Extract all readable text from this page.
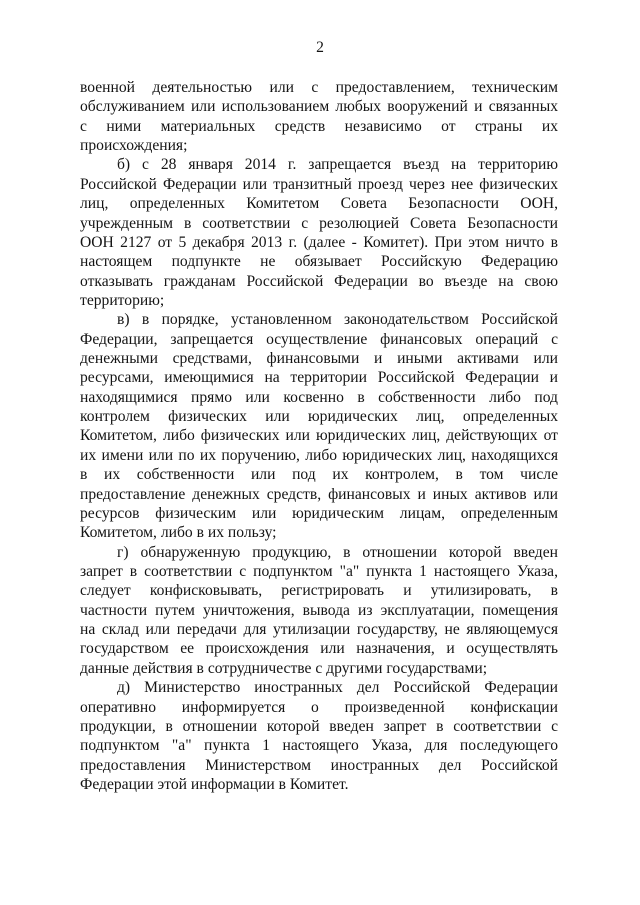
2
военной деятельностью или с предоставлением, техническим
обслуживанием или использованием любых вооружений и связанных
с ними материальных средств независимо от страны их
происхождения;
б) с 28 января 2014 г. запрещается въезд на территорию
Российской Федерации или транзитный проезд через нее физических
лиц, определенных Комитетом Совета Безопасности ООН,
учрежденным в соответствии с резолюцией Совета Безопасности
ООН 2127 от 5 декабря 2013 г. (далее - Комитет). При этом ничто в
настоящем подпункте не обязывает Российскую Федерацию
отказывать гражданам Российской Федерации во въезде на свою
территорию;
в) в порядке, установленном законодательством Российской
Федерации, запрещается осуществление финансовых операций с
денежными средствами, финансовыми и иными активами или
ресурсами, имеющимися на территории Российской Федерации и
находящимися прямо или косвенно в собственности либо под
контролем физических или юридических лиц, определенных
Комитетом, либо физических или юридических лиц, действующих от
их имени или по их поручению, либо юридических лиц, находящихся
в их собственности или под их контролем, в том числе
предоставление денежных средств, финансовых и иных активов или
ресурсов физическим или юридическим лицам, определенным
Комитетом, либо в их пользу;
г) обнаруженную продукцию, в отношении которой введен
запрет в соответствии с подпунктом "а" пункта 1 настоящего Указа,
следует конфисковывать, регистрировать и утилизировать, в
частности путем уничтожения, вывода из эксплуатации, помещения
на склад или передачи для утилизации государству, не являющемуся
государством ее происхождения или назначения, и осуществлять
данные действия в сотрудничестве с другими государствами;
д) Министерство иностранных дел Российской Федерации
оперативно информируется о произведенной конфискации
продукции, в отношении которой введен запрет в соответствии с
подпунктом "а" пункта 1 настоящего Указа, для последующего
предоставления Министерством иностранных дел Российской
Федерации этой информации в Комитет.
